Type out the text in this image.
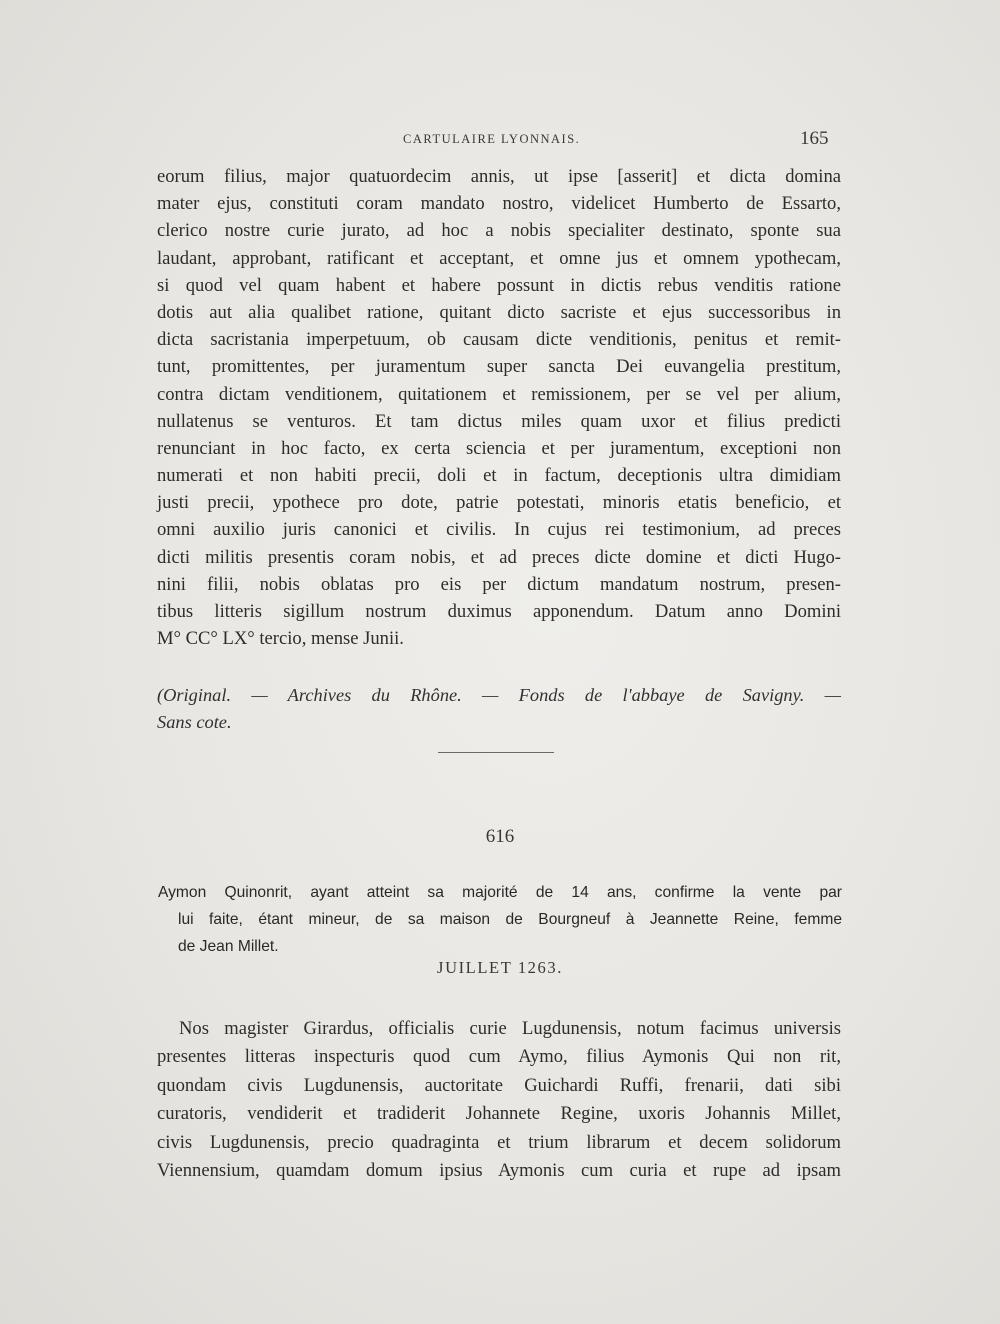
CARTULAIRE LYONNAIS.	165
eorum filius, major quatuordecim annis, ut ipse [asserit] et dicta domina
mater ejus, constituti coram mandato nostro, videlicet Humberto de Essarto,
clerico nostre curie jurato, ad hoc a nobis specialiter destinato, sponte sua
laudant, approbant, ratificant et acceptant, et omne jus et omnem ypothecam,
si quod vel quam habent et habere possunt in dictis rebus venditis ratione
dotis aut alia qualibet ratione, quitant dicto sacriste et ejus successoribus in
dicta sacristania imperpetuum, ob causam dicte venditionis, penitus et remit-
tunt, promittentes, per juramentum super sancta Dei euvangelia prestitum,
contra dictam venditionem, quitationem et remissionem, per se vel per alium,
nullatenus se venturos. Et tam dictus miles quam uxor et filius predicti
renunciant in hoc facto, ex certa sciencia et per juramentum, exceptioni non
numerati et non habiti precii, doli et in factum, deceptionis ultra dimidiam
justi precii, ypothece pro dote, patrie potestati, minoris etatis beneficio, et
omni auxilio juris canonici et civilis. In cujus rei testimonium, ad preces
dicti militis presentis coram nobis, et ad preces dicte domine et dicti Hugo-
nini filii, nobis oblatas pro eis per dictum mandatum nostrum, presen-
tibus litteris sigillum nostrum duximus apponendum. Datum anno Domini
M° CC° LX° tercio, mense Junii.
(Original. — Archives du Rhône. — Fonds de l'abbaye de Savigny. —
Sans cote.
616
Aymon Quinonrit, ayant atteint sa majorité de 14 ans, confirme la vente par
lui faite, étant mineur, de sa maison de Bourgneuf à Jeannette Reine, femme
de Jean Millet.
JUILLET 1263.
Nos magister Girardus, officialis curie Lugdunensis, notum facimus universis
presentes litteras inspecturis quod cum Aymo, filius Aymonis Qui non rit,
quondam civis Lugdunensis, auctoritate Guichardi Ruffi, frenarii, dati sibi
curatoris, vendiderit et tradiderit Johannete Regine, uxoris Johannis Millet,
civis Lugdunensis, precio quadraginta et trium librarum et decem solidorum
Viennensium, quamdam domum ipsius Aymonis cum curia et rupe ad ipsam
